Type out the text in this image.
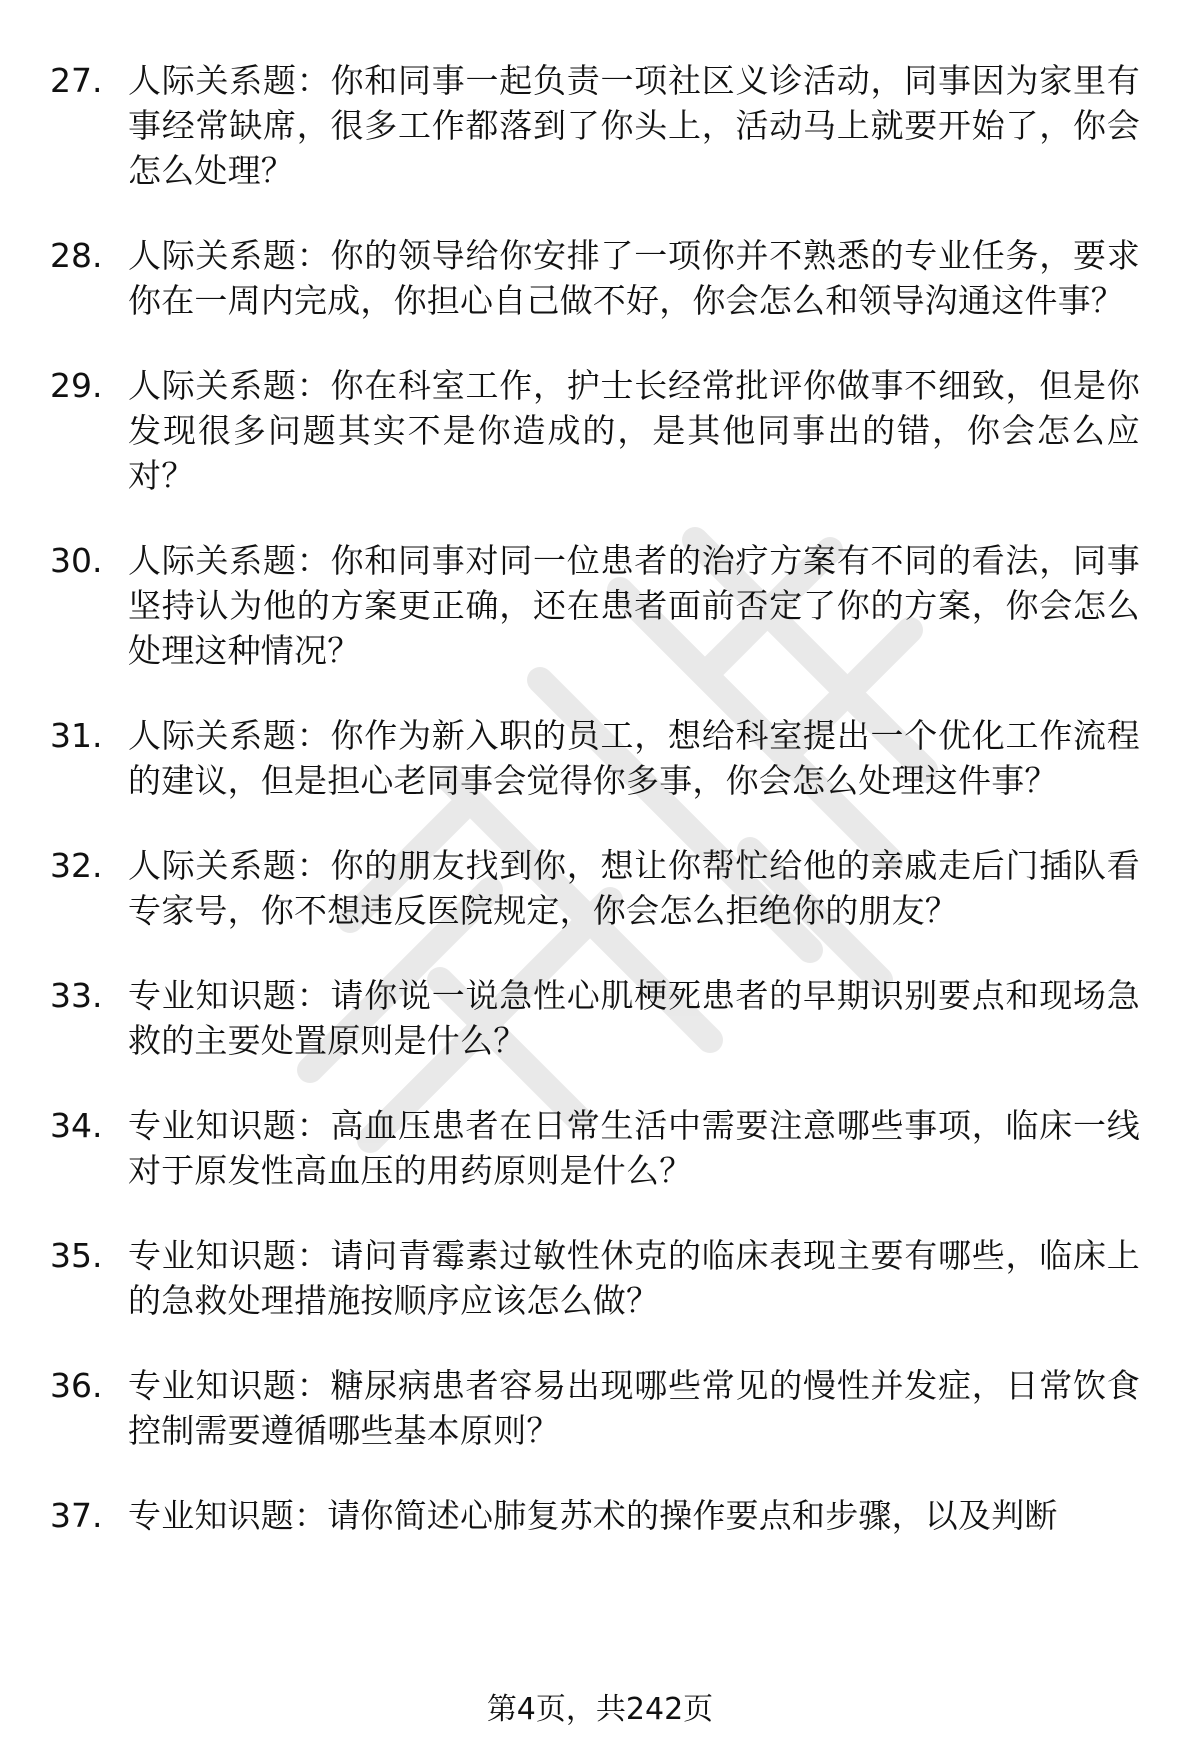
27. 人际关系题：你和同事一起负责一项社区义诊活动，同事因为家里有事经常缺席，很多工作都落到了你头上，活动马上就要开始了，你会怎么处理？
28. 人际关系题：你的领导给你安排了一项你并不熟悉的专业任务，要求你在一周内完成，你担心自己做不好，你会怎么和领导沟通这件事？
29. 人际关系题：你在科室工作，护士长经常批评你做事不细致，但是你发现很多问题其实不是你造成的，是其他同事出的错，你会怎么应对？
30. 人际关系题：你和同事对同一位患者的治疗方案有不同的看法，同事坚持认为他的方案更正确，还在患者面前否定了你的方案，你会怎么处理这种情况？
31. 人际关系题：你作为新入职的员工，想给科室提出一个优化工作流程的建议，但是担心老同事会觉得你多事，你会怎么处理这件事？
32. 人际关系题：你的朋友找到你，想让你帮忙给他的亲戚走后门插队看专家号，你不想违反医院规定，你会怎么拒绝你的朋友？
33. 专业知识题：请你说一说急性心肌梗死患者的早期识别要点和现场急救的主要处置原则是什么？
34. 专业知识题：高血压患者在日常生活中需要注意哪些事项，临床一线对于原发性高血压的用药原则是什么？
35. 专业知识题：请问青霉素过敏性休克的临床表现主要有哪些，临床上的急救处理措施按顺序应该怎么做？
36. 专业知识题：糖尿病患者容易出现哪些常见的慢性并发症，日常饮食控制需要遵循哪些基本原则？
37. 专业知识题：请你简述心肺复苏术的操作要点和步骤，以及判断
第4页，共242页
